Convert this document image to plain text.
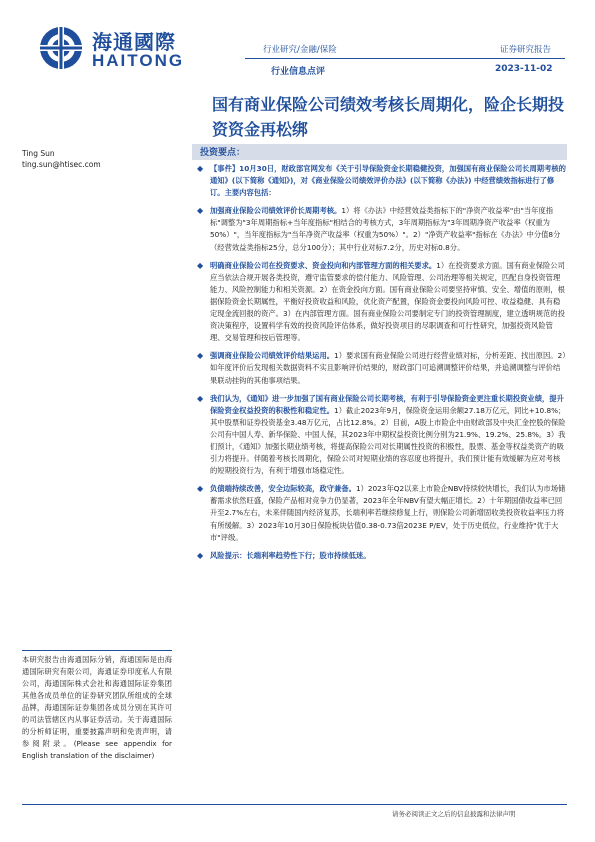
海通國際
HAITONG
行业研究/金融/保险	证券研究报告
行业信息点评	2023-11-02
国有商业保险公司绩效考核长周期化，险企长期投资资金再松绑
Ting Sun
ting.sun@htisec.com
投资要点：
◆ 【事件】10月30日，财政部官网发布《关于引导保险资金长期稳健投资，加强国有商业保险公司长周期考核的通知》(以下简称《通知》)，对《商业保险公司绩效评价办法》(以下简称《办法》) 中经营绩效指标进行了修订。主要内容包括：
◆ 加强商业保险公司绩效评价长周期考核。1）将《办法》中经营效益类指标下的"净资产收益率"由"当年度指标"调整为"3年周期指标+当年度指标"相结合的考核方式，3年周期指标为"3年周期净资产收益率（权重为50%）"，当年度指标为"当年净资产收益率（权重为50%）"。2）"净资产收益率"指标在《办法》中分值8分（经营效益类指标25分，总分100分）；其中行业对标7.2分，历史对标0.8分。
◆ 明确商业保险公司在投资要求、资金投向和内部管理方面的相关要求。1）在投资要求方面。国有商业保险公司应当依法合规开展各类投资，遵守监管要求的偿付能力、风险管理、公司治理等相关规定，匹配自身投资管理能力、风险控制能力和相关资源。2）在资金投向方面。国有商业保险公司要坚持审慎、安全、增值的原则，根据保险资金长期属性，平衡好投资收益和风险，优化资产配置，保险资金要投向风险可控、收益稳健、具有稳定现金流回报的资产。3）在内部管理方面。国有商业保险公司要制定专门的投资管理制度，建立透明规范的投资决策程序，设置科学有效的投资风险评估体系，做好投资项目的尽职调查和可行性研究，加强投资风险管理、交易管理和按后管理等。
◆ 强调商业保险公司绩效评价结果运用。1）要求国有商业保险公司进行经营业绩对标，分析差距、找出原因。2）如年度评价后发现相关数据资料不实且影响评价结果的，财政部门可追溯调整评价结果，并追溯调整与评价结果联动挂钩的其他事项结果。
◆ 我们认为，《通知》进一步加强了国有商业保险公司长期考核，有利于引导保险资金更注重长期投资业绩，提升保险资金权益投资的积极性和稳定性。1）截止2023年9月，保险资金运用余额27.18万亿元，同比+10.8%；其中股票和证券投资基金3.48万亿元，占比12.8%。2）目前，A股上市险企中由财政部及中央汇金控股的保险公司有中国人寿、新华保险、中国人保，其2023年中期权益投资比例分别为21.9%、19.2%、25.8%。3）我们预计，《通知》加强长期业绩考核，将提高保险公司对长期属性投资的积极性，股票、基金等权益类资产的吸引力将提升。伴随着考核长周期化，保险公司对短期业绩的容忍度也将提升，我们预计能有效缓解为应对考核的短期投资行为，有利于增强市场稳定性。
◆ 负债端持续改善，安全边际较高，政守兼备。1）2023年Q2以来上市险企NBV持续较快增长，我们认为市场储蓄需求依然旺盛，保险产品相对竞争力仍显著，2023年全年NBV有望大幅正增长。2）十年期国债收益率已回升至2.7%左右，未来伴随国内经济复苏，长端利率若继续修复上行，则保险公司新增固收类投资收益率压力将有所缓解。3）2023年10月30日保险板块估值0.38-0.73倍2023E P/EV，处于历史低位，行业维持"优于大市"评级。
◆ 风险提示：长端利率趋势性下行；股市持续低迷。
本研究报告由海通国际分销，海通国际是由海通国际研究有限公司，海通证券印度私人有限公司，海通国际株式会社和海通国际证券集团其他各成员单位的证券研究团队所组成的全球品牌，海通国际证券集团各成员分别在其许可的司法管辖区内从事证券活动。关于海通国际的分析师证明，重要披露声明和免责声明，请参阅附录。(Please see appendix for English translation of the disclaimer)
请务必阅读正文之后的信息披露和法律声明
